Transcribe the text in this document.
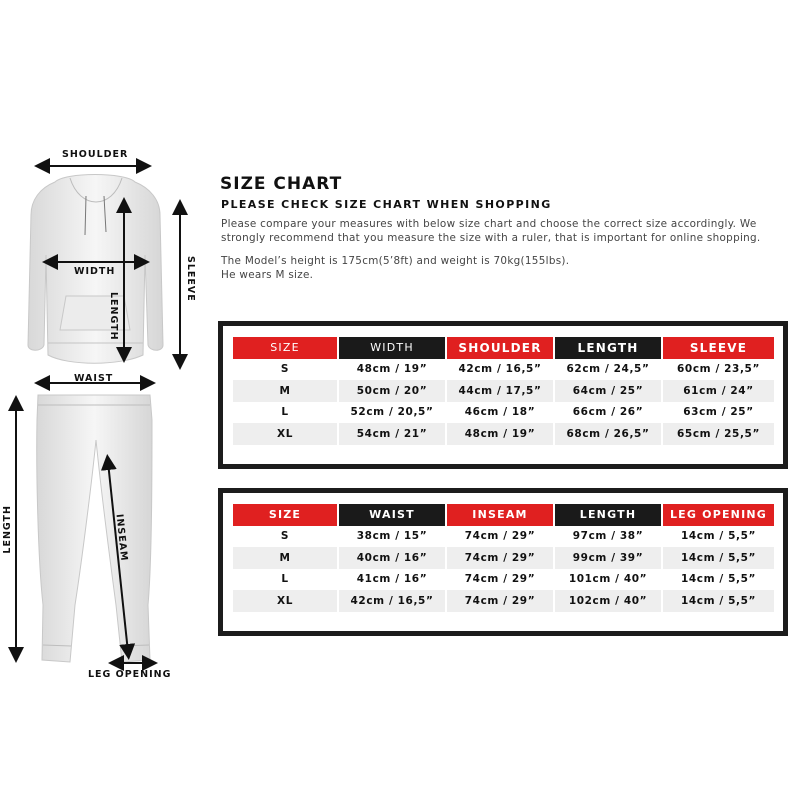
SHOULDER
WIDTH
LENGTH
SLEEVE
WAIST
LENGTH	INSEAM
LEG OPENING
SIZE CHART
PLEASE CHECK SIZE CHART WHEN SHOPPING

Please compare your measures with below size chart and choose the correct size accordingly. We

strongly recommend that you measure the size with a ruler, that is important for online shopping.

The Model’s height is 175cm(5’8ft) and weight is 70kg(155lbs).

He wears M size.

SIZE	WIDTH	SHOULDER	LENGTH	SLEEVE
S	48cm / 19”	42cm / 16,5”	62cm / 24,5”	60cm / 23,5”
M	50cm / 20”	44cm / 17,5”	64cm / 25”	61cm / 24”
L	52cm / 20,5”	46cm / 18”	66cm / 26”	63cm / 25”
XL	54cm / 21”	48cm / 19”	68cm / 26,5”	65cm / 25,5”
SIZE	WAIST	INSEAM	LENGTH	LEG OPENING
S	38cm / 15”	74cm / 29”	97cm / 38”	14cm / 5,5”
M	40cm / 16”	74cm / 29”	99cm / 39”	14cm / 5,5”
L	41cm / 16”	74cm / 29”	101cm / 40”	14cm / 5,5”
XL	42cm / 16,5”	74cm / 29”	102cm / 40”	14cm / 5,5”
